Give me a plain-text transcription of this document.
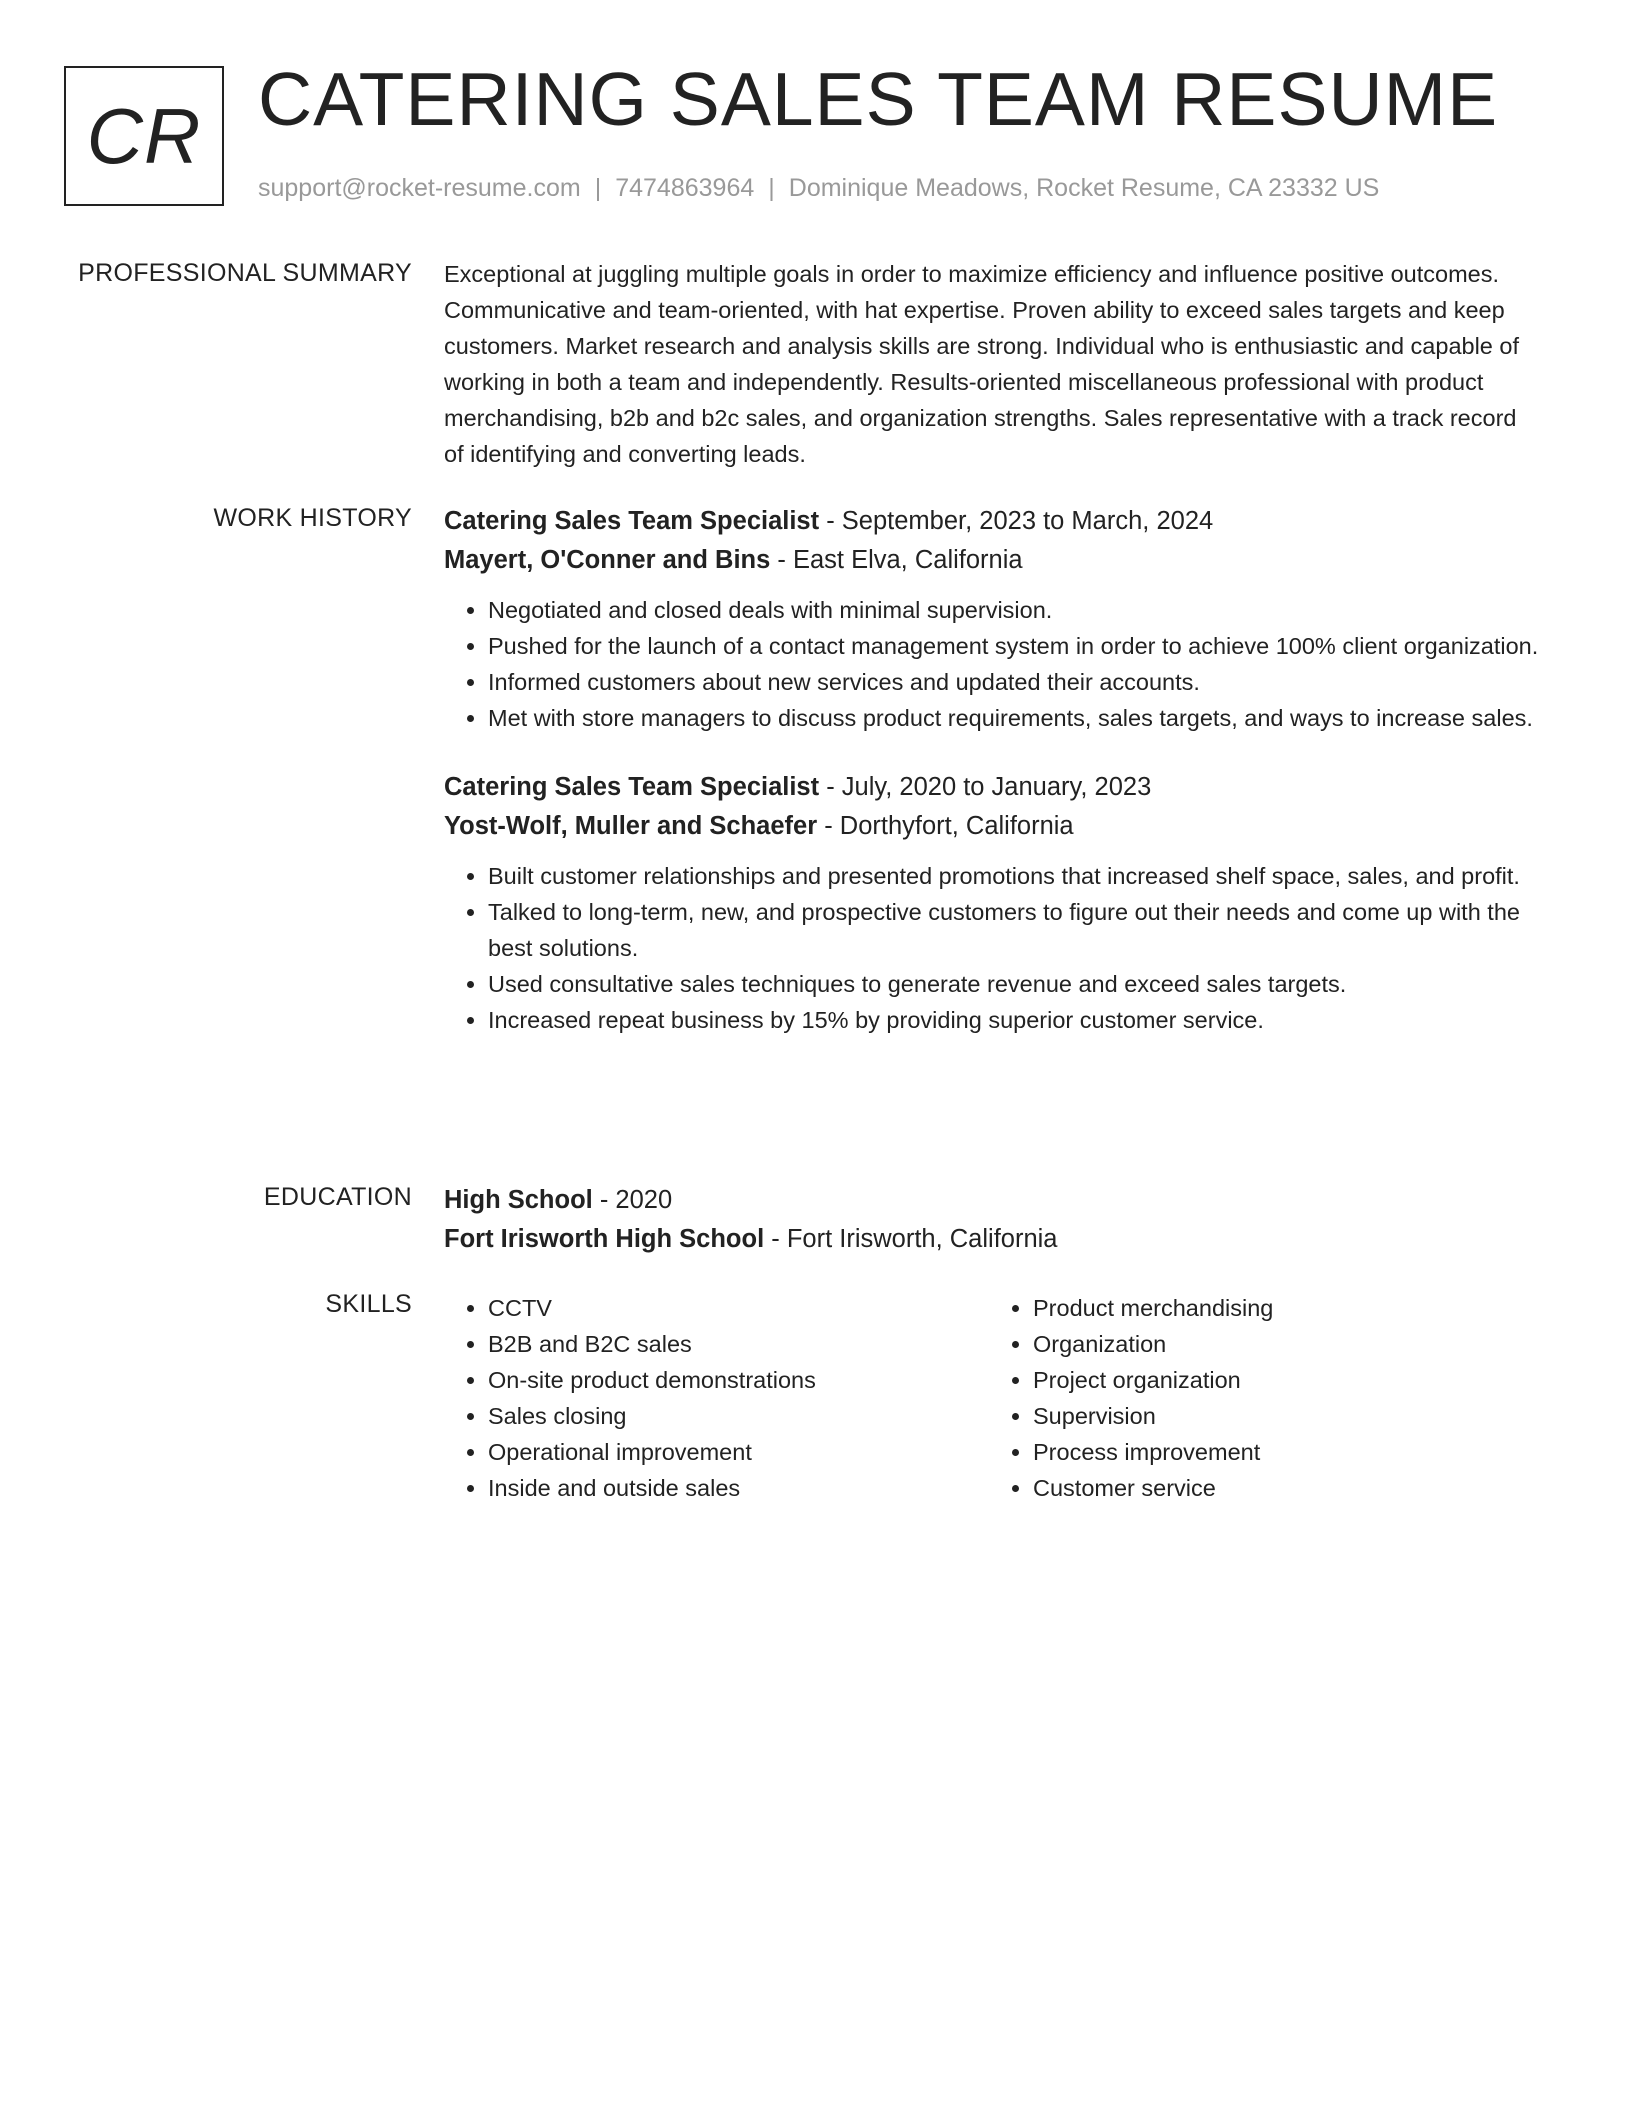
CR CATERING SALES TEAM RESUME
support@rocket-resume.com | 7474863964 | Dominique Meadows, Rocket Resume, CA 23332 US
PROFESSIONAL SUMMARY Exceptional at juggling multiple goals in order to maximize efficiency and influence positive outcomes. Communicative and team-oriented, with hat expertise. Proven ability to exceed sales targets and keep customers. Market research and analysis skills are strong. Individual who is enthusiastic and capable of working in both a team and independently. Results-oriented miscellaneous professional with product merchandising, b2b and b2c sales, and organization strengths. Sales representative with a track record of identifying and converting leads.

WORK HISTORY Catering Sales Team Specialist - September, 2023 to March, 2024
Mayert, O'Conner and Bins - East Elva, California
• Negotiated and closed deals with minimal supervision.
• Pushed for the launch of a contact management system in order to achieve 100% client organization.
• Informed customers about new services and updated their accounts.
• Met with store managers to discuss product requirements, sales targets, and ways to increase sales.
Catering Sales Team Specialist - July, 2020 to January, 2023
Yost-Wolf, Muller and Schaefer - Dorthyfort, California
• Built customer relationships and presented promotions that increased shelf space, sales, and profit.
• Talked to long-term, new, and prospective customers to figure out their needs and come up with the best solutions.
• Used consultative sales techniques to generate revenue and exceed sales targets.
• Increased repeat business by 15% by providing superior customer service.
EDUCATION High School - 2020
Fort Irisworth High School - Fort Irisworth, California
SKILLS
•	CCTV
• B2B and B2C sales
• On-site product demonstrations
• Sales closing
• Operational improvement
• Inside and outside sales
• Product merchandising
• Organization
• Project organization
• Supervision
• Process improvement
• Customer service
